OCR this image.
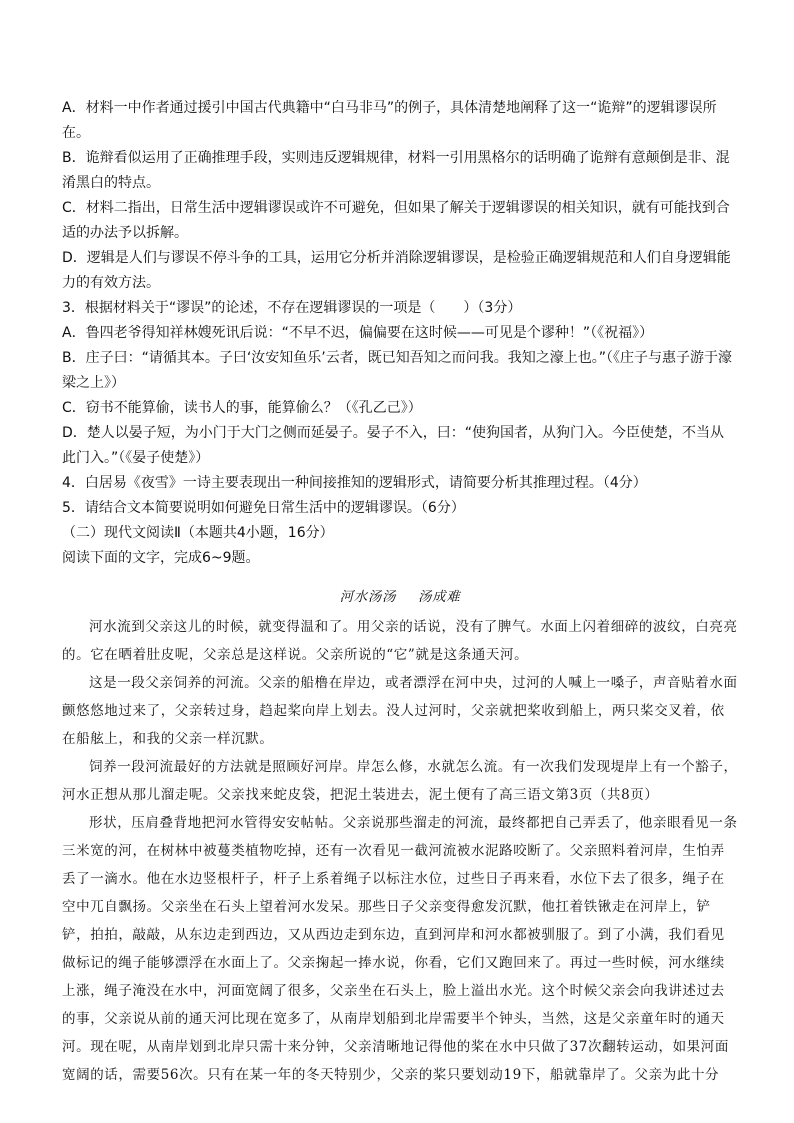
A．材料一中作者通过援引中国古代典籍中“白马非马”的例子，具体清楚地阐释了这一“诡辩”的逻辑谬误所在。

B．诡辩看似运用了正确推理手段，实则违反逻辑规律，材料一引用黑格尔的话明确了诡辩有意颠倒是非、混淆黑白的特点。

C．材料二指出，日常生活中逻辑谬误或许不可避免，但如果了解关于逻辑谬误的相关知识，就有可能找到合适的办法予以拆解。

D．逻辑是人们与谬误不停斗争的工具，运用它分析并消除逻辑谬误，是检验正确逻辑规范和人们自身逻辑能力的有效方法。

3．根据材料关于“谬误”的论述，不存在逻辑谬误的一项是（　　）（3分）

A．鲁四老爷得知祥林嫂死讯后说：“不早不迟，偏偏要在这时候——可见是个谬种！”（《祝福》）

B．庄子曰：“请循其本。子曰‘汝安知鱼乐’云者，既已知吾知之而问我。我知之濠上也。”（《庄子与惠子游于濠梁之上》）

C．窃书不能算偷，读书人的事，能算偷么？（《孔乙己》）

D．楚人以晏子短，为小门于大门之侧而延晏子。晏子不入，曰：“使狗国者，从狗门入。今臣使楚，不当从此门入。”（《晏子使楚》）

4．白居易《夜雪》一诗主要表现出一种间接推知的逻辑形式，请简要分析其推理过程。（4分）

5．请结合文本简要说明如何避免日常生活中的逻辑谬误。（6分）

（二）现代文阅读Ⅱ（本题共4小题，16分）

阅读下面的文字，完成6~9题。

河水汤汤 汤成难

河水流到父亲这儿的时候，就变得温和了。用父亲的话说，没有了脾气。水面上闪着细碎的波纹，白亮亮的。它在晒着肚皮呢，父亲总是这样说。父亲所说的“它”就是这条通天河。

这是一段父亲饲养的河流。父亲的船橹在岸边，或者漂浮在河中央，过河的人喊上一嗓子，声音贴着水面颤悠悠地过来了，父亲转过身，趋起桨向岸上划去。没人过河时，父亲就把桨收到船上，两只桨交叉着，依在船舷上，和我的父亲一样沉默。

饲养一段河流最好的方法就是照顾好河岸。岸怎么修，水就怎么流。有一次我们发现堤岸上有一个豁子，河水正想从那儿溜走呢。父亲找来蛇皮袋，把泥土装进去，泥土便有了高三语文第3页（共8页）

形状，压肩叠背地把河水管得安安帖帖。父亲说那些溜走的河流，最终都把自己弄丢了，他亲眼看见一条三米宽的河，在树林中被蔓类植物吃掉，还有一次看见一截河流被水泥路咬断了。父亲照料着河岸，生怕弄丢了一滴水。他在水边竖根杆子，杆子上系着绳子以标注水位，过些日子再来看，水位下去了很多，绳子在空中兀自飘扬。父亲坐在石头上望着河水发呆。那些日子父亲变得愈发沉默，他扛着铁锹走在河岸上，铲铲，拍拍，敲敲，从东边走到西边，又从西边走到东边，直到河岸和河水都被驯服了。到了小满，我们看见做标记的绳子能够漂浮在水面上了。父亲掬起一捧水说，你看，它们又跑回来了。再过一些时候，河水继续上涨，绳子淹没在水中，河面宽阔了很多，父亲坐在石头上，脸上溢出水光。这个时候父亲会向我讲述过去的事，父亲说从前的通天河比现在宽多了，从南岸划船到北岸需要半个钟头，当然，这是父亲童年时的通天河。现在呢，从南岸划到北岸只需十来分钟，父亲清晰地记得他的桨在水中只做了37次翻转运动，如果河面宽阔的话，需要56次。只有在某一年的冬天特别少，父亲的桨只要划动19下，船就靠岸了。父亲为此十分
